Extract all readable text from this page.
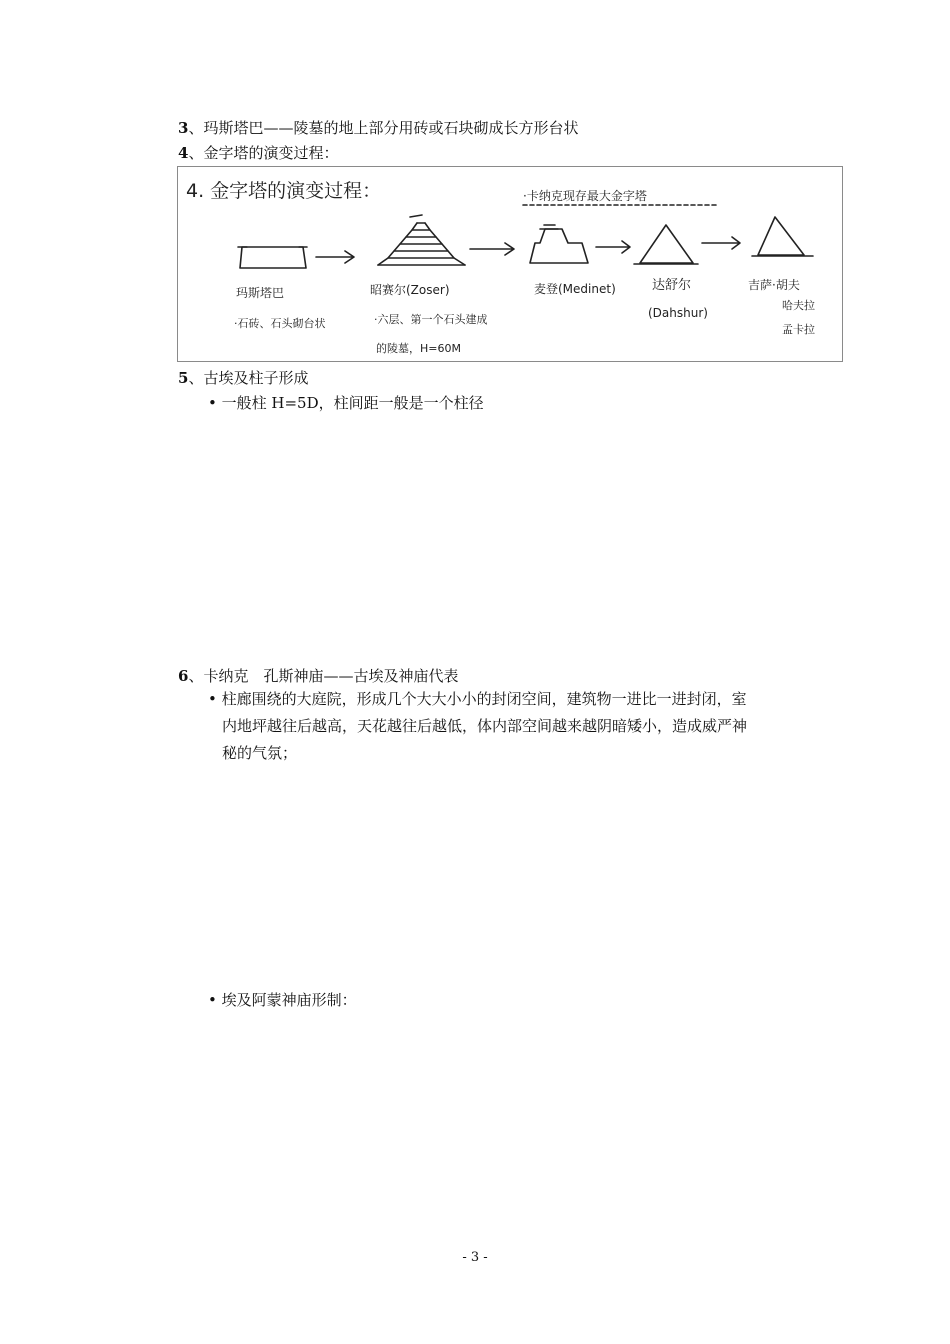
3、玛斯塔巴——陵墓的地上部分用砖或石块砌成长方形台状
4、金字塔的演变过程：
4. 金字塔的演变过程：	·卡纳克现存最大金字塔
玛斯塔巴
·石砖、石头砌台状
昭赛尔(Zoser)
·六层、第一个石头建成
的陵墓，H=60M
麦登(Medinet)	达舒尔
(Dahshur)
吉萨·胡夫
哈夫拉
孟卡拉
5、古埃及柱子形成
• 一般柱 H=5D，柱间距一般是一个柱径
6、卡纳克　孔斯神庙——古埃及神庙代表
• 柱廊围绕的大庭院，形成几个大大小小的封闭空间，建筑物一进比一进封闭，室
内地坪越往后越高，天花越往后越低，体内部空间越来越阴暗矮小，造成威严神
秘的气氛；
• 埃及阿蒙神庙形制：
- 3 -
